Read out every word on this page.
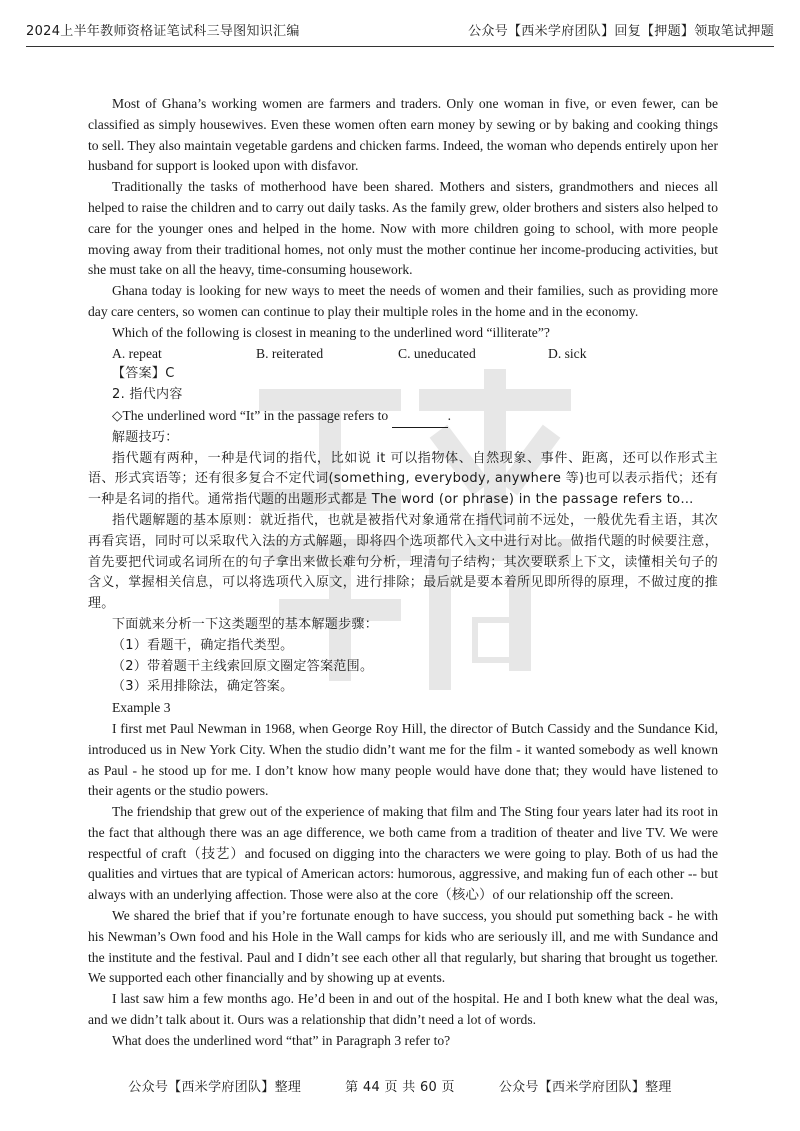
2024上半年教师资格证笔试科三导图知识汇编	公众号【西米学府团队】回复【押题】领取笔试押题

Most of Ghana’s working women are farmers and traders. Only one woman in five, or even fewer, can be classified as simply housewives. Even these women often earn money by sewing or by baking and cooking things to sell. They also maintain vegetable gardens and chicken farms. Indeed, the woman who depends entirely upon her husband for support is looked upon with disfavor.

Traditionally the tasks of motherhood have been shared. Mothers and sisters, grandmothers and nieces all helped to raise the children and to carry out daily tasks. As the family grew, older brothers and sisters also helped to care for the younger ones and helped in the home. Now with more children going to school, with more people moving away from their traditional homes, not only must the mother continue her income-producing activities, but she must take on all the heavy, time-consuming housework.

Ghana today is looking for new ways to meet the needs of women and their families, such as providing more day care centers, so women can continue to play their multiple roles in the home and in the economy.

Which of the following is closest in meaning to the underlined word “illiterate”?

A. repeat	B. reiterated	C. uneducated	D. sick

【答案】C

2. 指代内容

◇The underlined word “It” in the passage refers to	.

解题技巧：

指代题有两种，一种是代词的指代，比如说 it 可以指物体、自然现象、事件、距离，还可以作形式主语、形式宾语等；还有很多复合不定代词(something, everybody, anywhere 等)也可以表示指代；还有一种是名词的指代。通常指代题的出题形式都是 The word (or phrase) in the passage refers to…

指代题解题的基本原则：就近指代，也就是被指代对象通常在指代词前不远处，一般优先看主语，其次再看宾语，同时可以采取代入法的方式解题，即将四个选项都代入文中进行对比。做指代题的时候要注意，首先要把代词或名词所在的句子拿出来做长难句分析，理清句子结构；其次要联系上下文，读懂相关句子的含义，掌握相关信息，可以将选项代入原文，进行排除；最后就是要本着所见即所得的原理，不做过度的推理。

下面就来分析一下这类题型的基本解题步骤：

（1）看题干，确定指代类型。

（2）带着题干主线索回原文圈定答案范围。

（3）采用排除法，确定答案。

Example 3

I first met Paul Newman in 1968, when George Roy Hill, the director of Butch Cassidy and the Sundance Kid, introduced us in New York City. When the studio didn’t want me for the film - it wanted somebody as well known as Paul - he stood up for me. I don’t know how many people would have done that; they would have listened to their agents or the studio powers.

The friendship that grew out of the experience of making that film and The Sting four years later had its root in the fact that although there was an age difference, we both came from a tradition of theater and live TV. We were respectful of craft（技艺）and focused on digging into the characters we were going to play. Both of us had the qualities and virtues that are typical of American actors: humorous, aggressive, and making fun of each other -- but always with an underlying affection. Those were also at the core（核心）of our relationship off the screen.

We shared the brief that if you’re fortunate enough to have success, you should put something back - he with his Newman’s Own food and his Hole in the Wall camps for kids who are seriously ill, and me with Sundance and the institute and the festival. Paul and I didn’t see each other all that regularly, but sharing that brought us together. We supported each other financially and by showing up at events.

I last saw him a few months ago. He’d been in and out of the hospital. He and I both knew what the deal was, and we didn’t talk about it. Ours was a relationship that didn’t need a lot of words.

What does the underlined word “that” in Paragraph 3 refer to?

公众号【西米学府团队】整理	第 44 页 共 60 页	公众号【西米学府团队】整理
